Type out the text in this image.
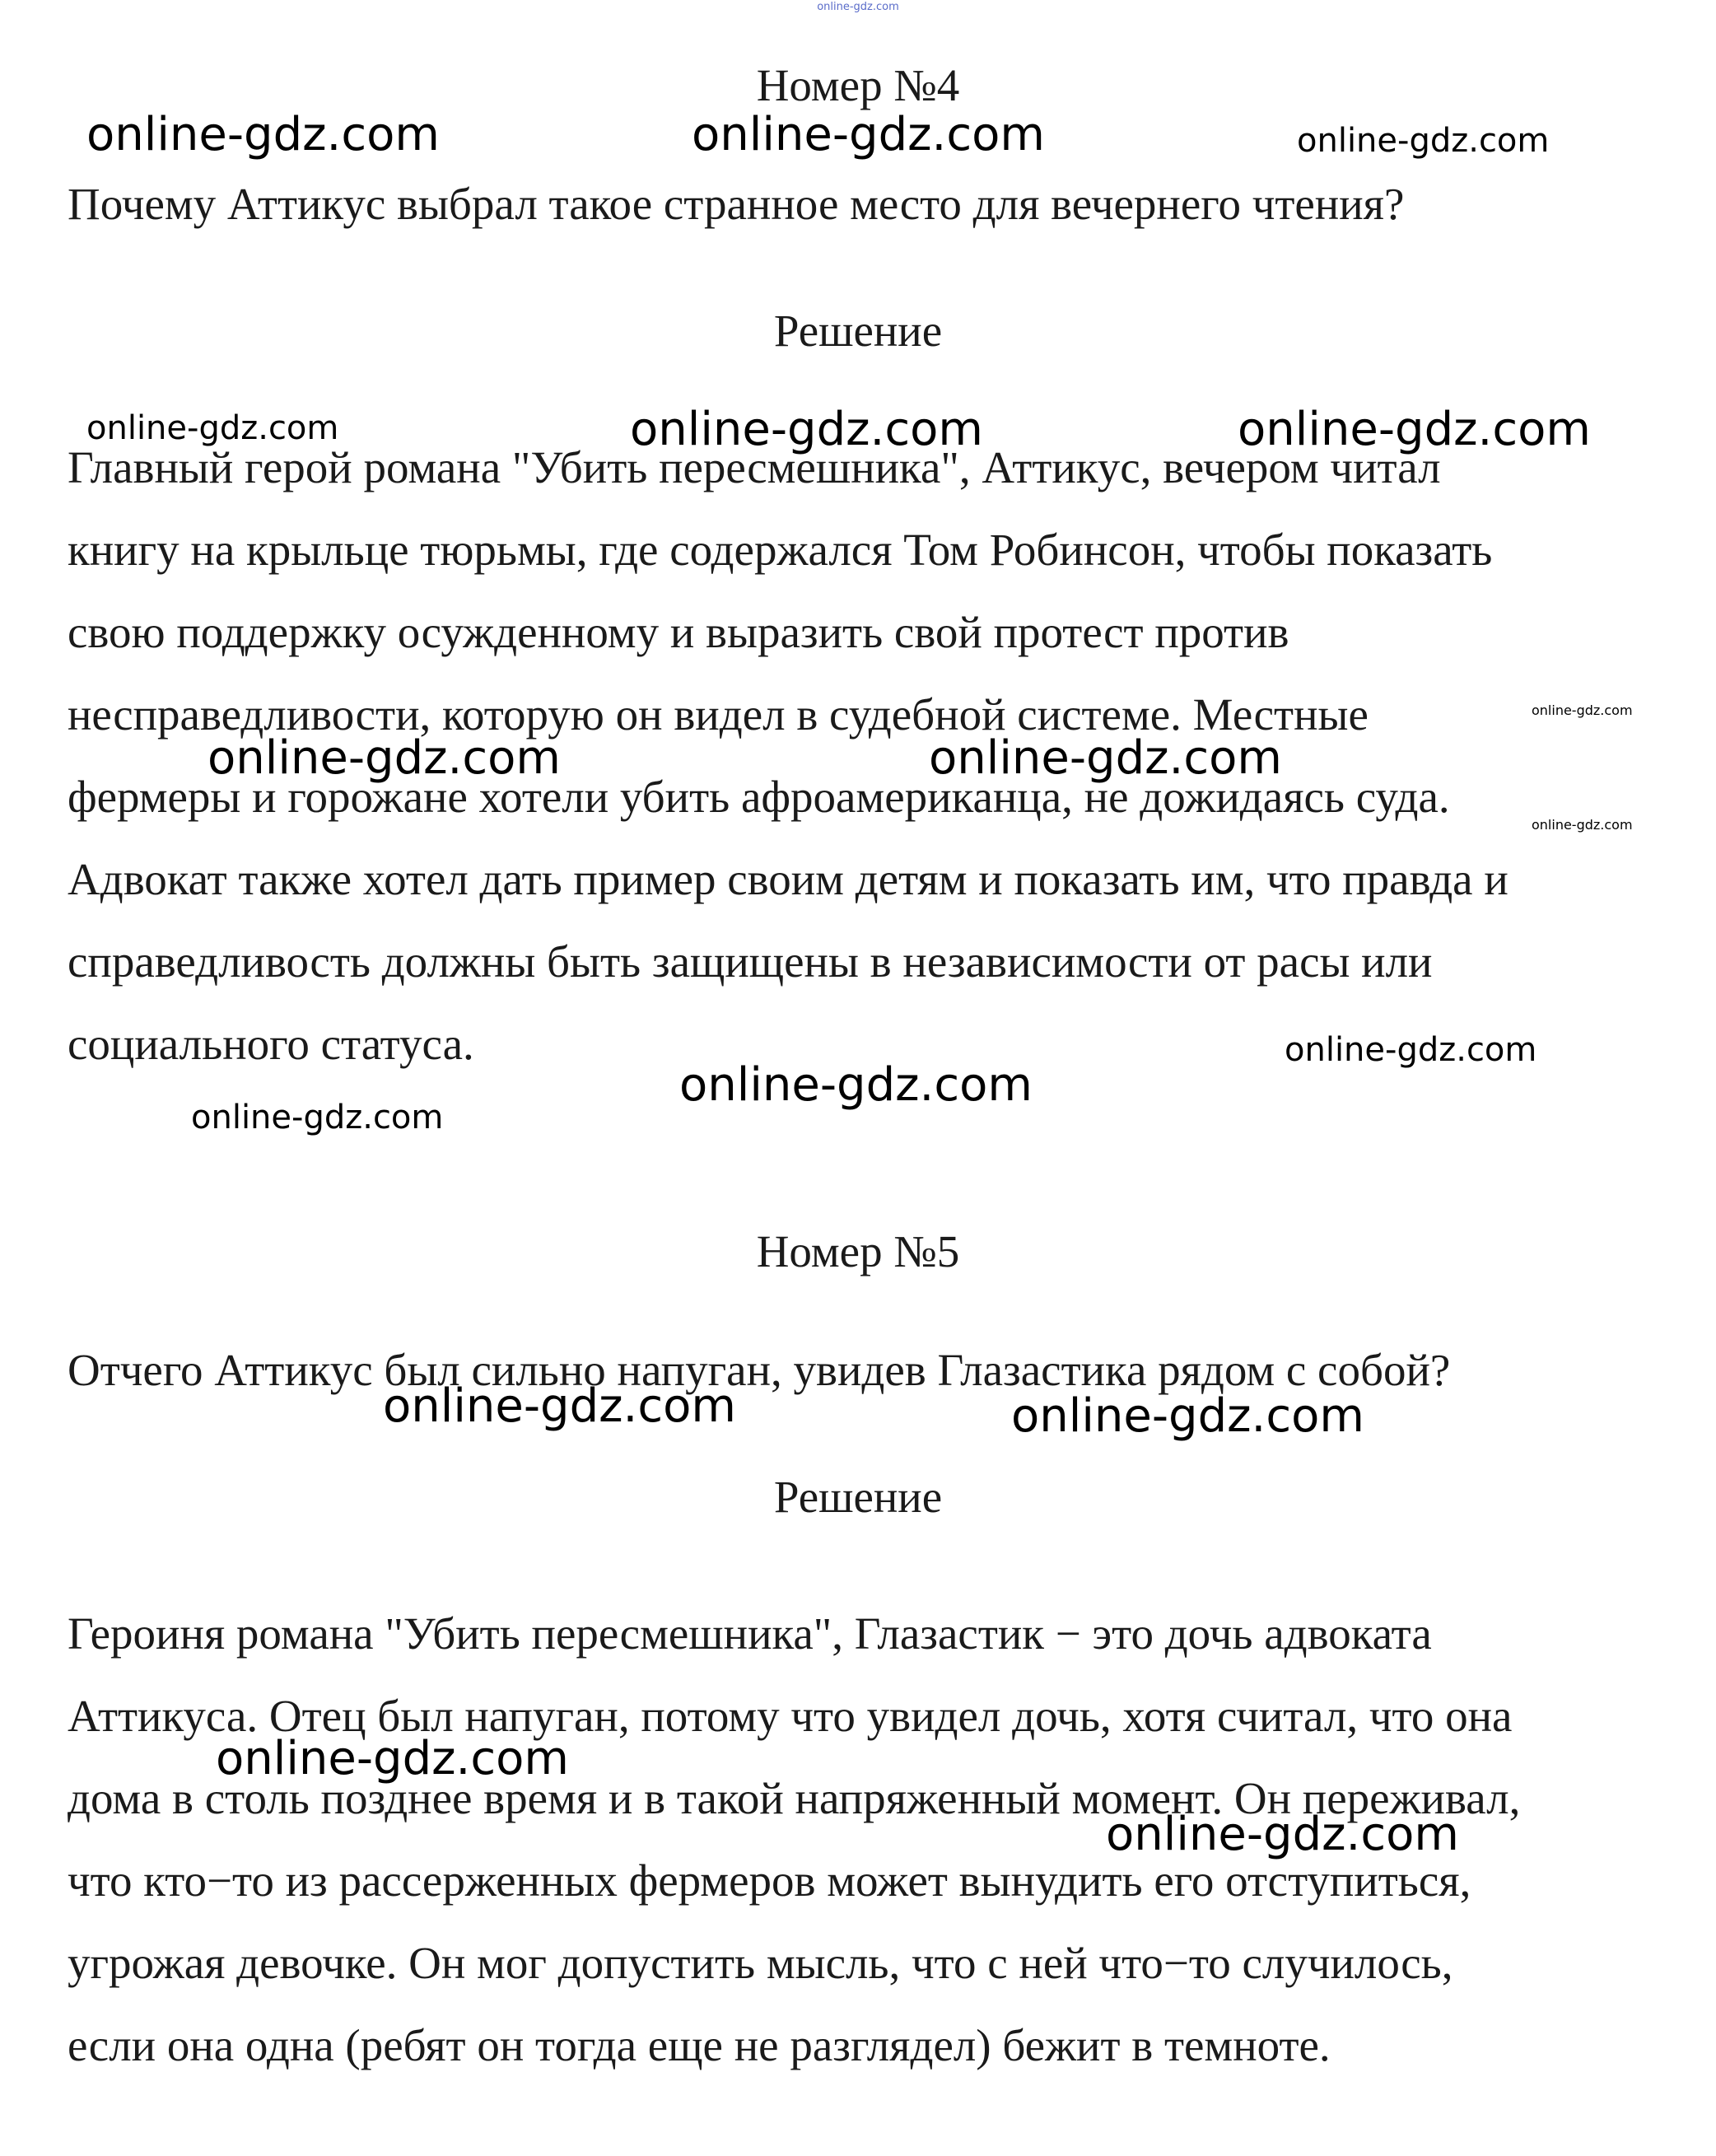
online-gdz.com
Номер №4
Почему Аттикус выбрал такое странное место для вечернего чтения?
Решение
Главный герой романа "Убить пересмешника", Аттикус, вечером читал
книгу на крыльце тюрьмы, где содержался Том Робинсон, чтобы показать
свою поддержку осужденному и выразить свой протест против
несправедливости, которую он видел в судебной системе. Местные
фермеры и горожане хотели убить афроамериканца, не дожидаясь суда.
Адвокат также хотел дать пример своим детям и показать им, что правда и
справедливость должны быть защищены в независимости от расы или
социального статуса.
Номер №5
Отчего Аттикус был сильно напуган, увидев Глазастика рядом с собой?
Решение
Героиня романа "Убить пересмешника", Глазастик − это дочь адвоката
Аттикуса. Отец был напуган, потому что увидел дочь, хотя считал, что она
дома в столь позднее время и в такой напряженный момент. Он переживал,
что кто−то из рассерженных фермеров может вынудить его отступиться,
угрожая девочке. Он мог допустить мысль, что с ней что−то случилось,
если она одна (ребят он тогда еще не разглядел) бежит в темноте.
online-gdz.com	online-gdz.com	online-gdz.com
online-gdz.com	online-gdz.com	online-gdz.com
online-gdz.com
online-gdz.com	online-gdz.com
online-gdz.com
online-gdz.com
online-gdz.com
online-gdz.com
online-gdz.com	online-gdz.com
online-gdz.com
online-gdz.com
